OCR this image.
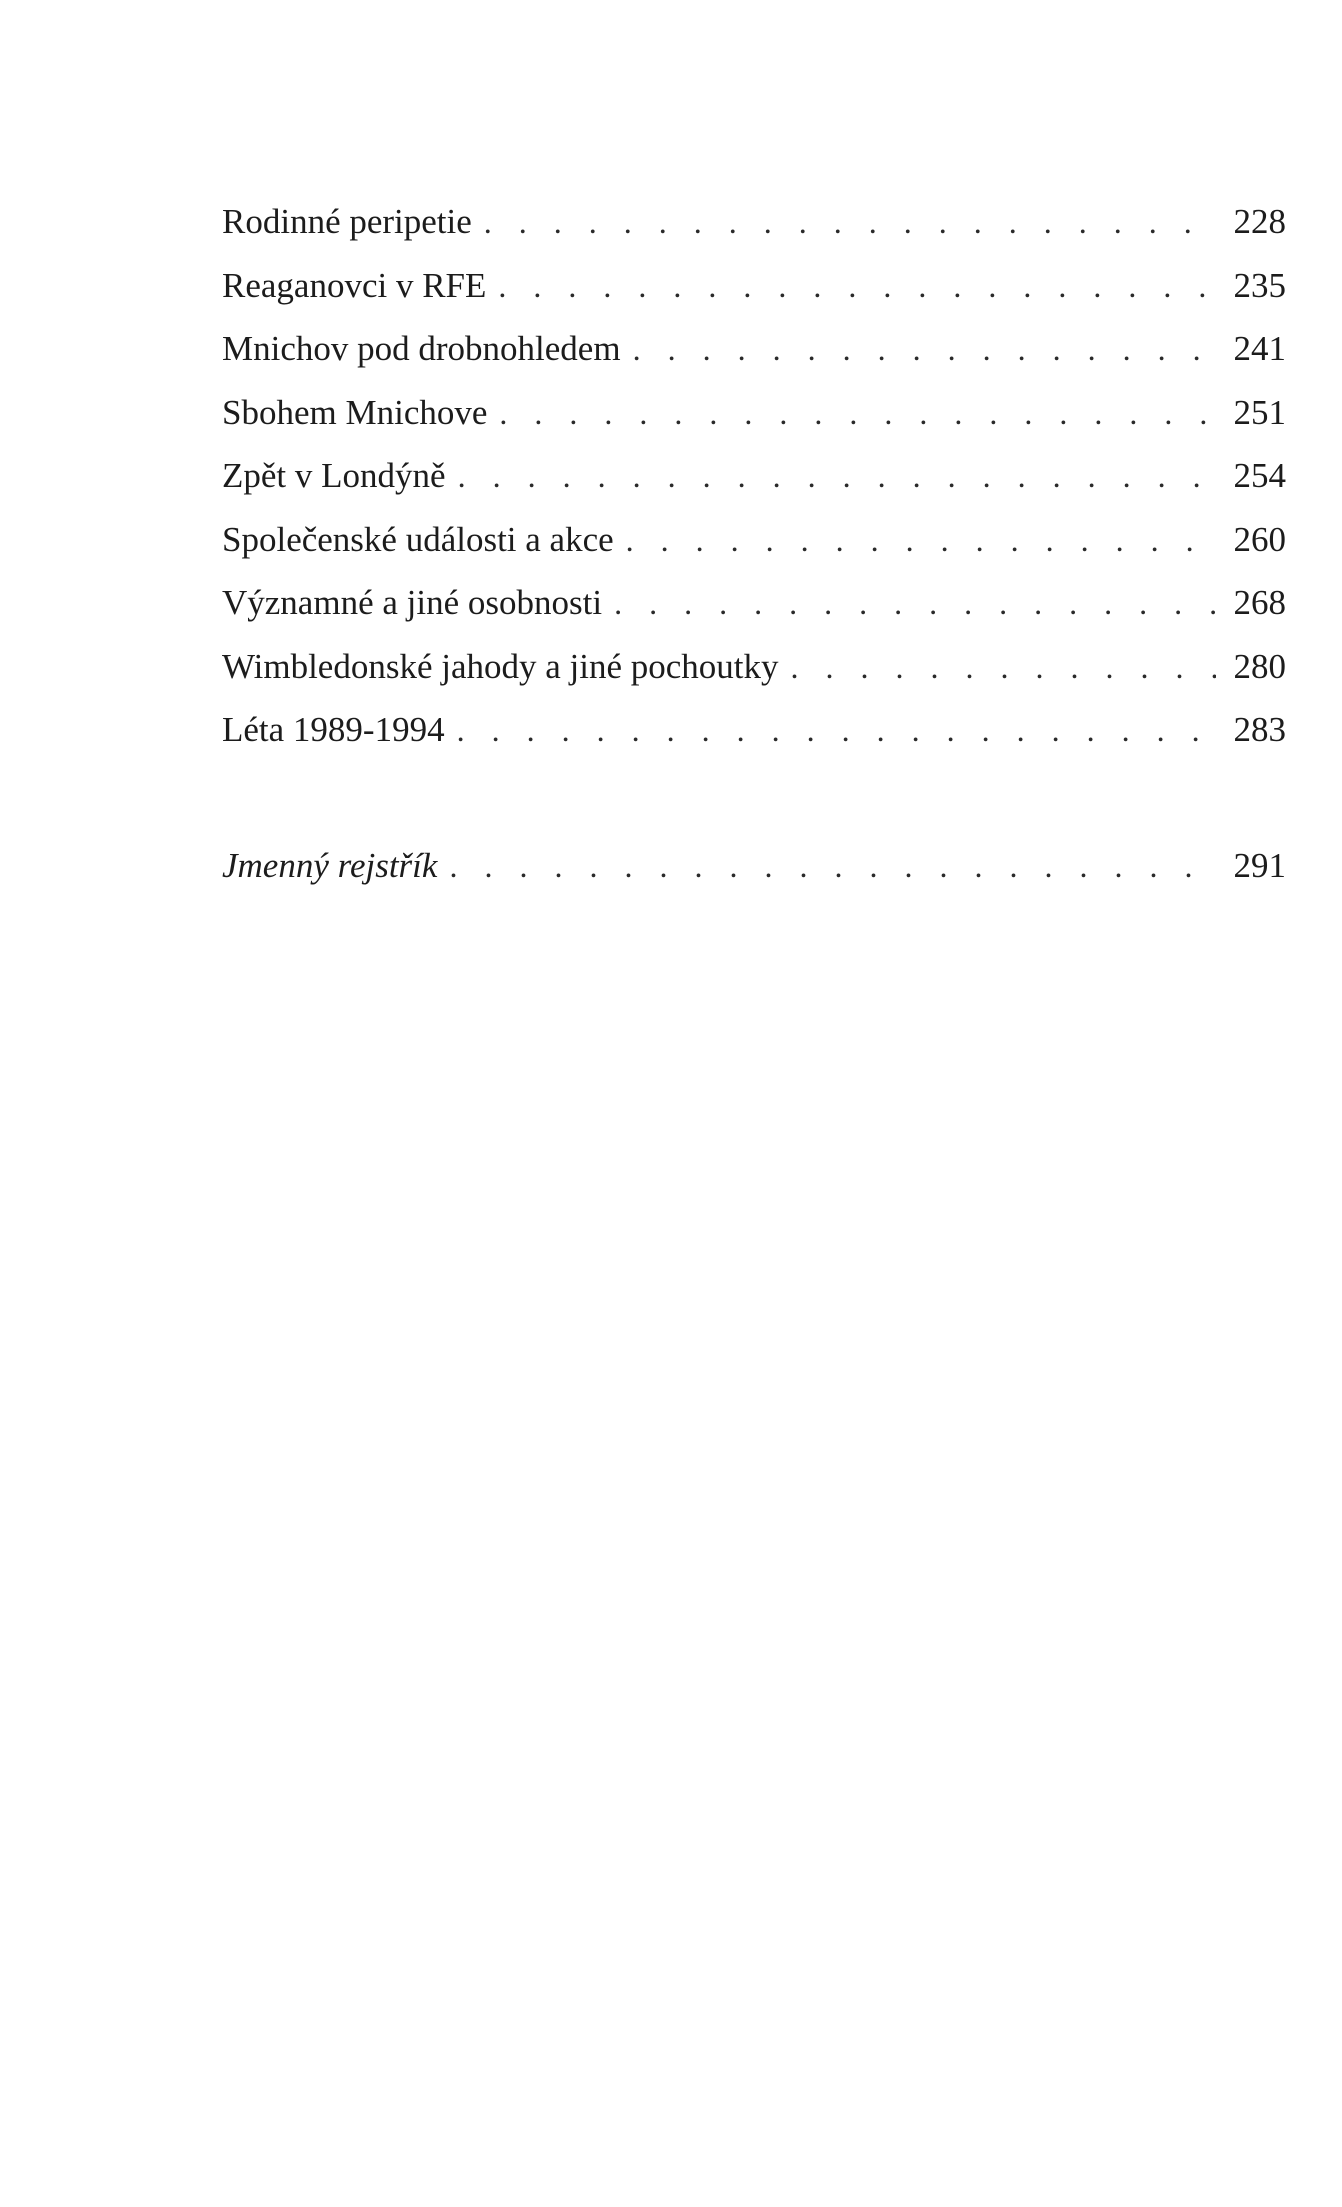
Rodinné peripetie . . .	228
Reaganovci v RFE . . .	235
Mnichov pod drobnohledem . . .	241
Sbohem Mnichove . . .	251
Zpět v Londýně . . .	254
Společenské události a akce . . .	260
Významné a jiné osobnosti . . .	268
Wimbledonské jahody a jiné pochoutky . . .	280
Léta 1989-1994 . . .	283
Jmenný rejstřík . . .	291
